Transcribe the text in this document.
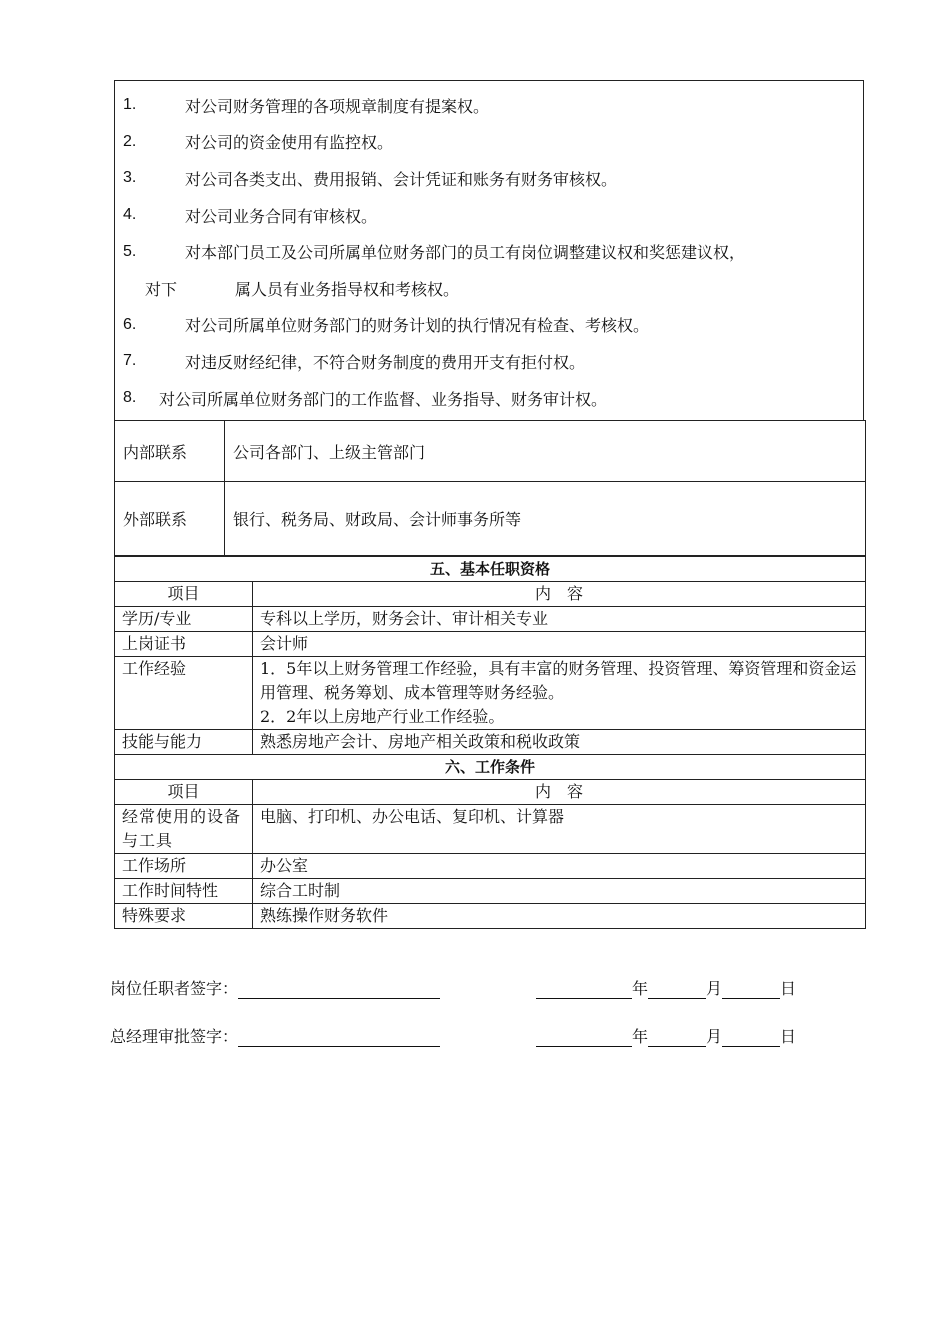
1.	对公司财务管理的各项规章制度有提案权。
2.	对公司的资金使用有监控权。
3.	对公司各类支出、费用报销、会计凭证和账务有财务审核权。
4.	对公司业务合同有审核权。
5.	对本部门员工及公司所属单位财务部门的员工有岗位调整建议权和奖惩建议权，
对下	属人员有业务指导权和考核权。
6.	对公司所属单位财务部门的财务计划的执行情况有检查、考核权。
7.	对违反财经纪律，不符合财务制度的费用开支有拒付权。
8.	对公司所属单位财务部门的工作监督、业务指导、财务审计权。
内部联系	公司各部门、上级主管部门
外部联系	银行、税务局、财政局、会计师事务所等
五、基本任职资格	
项目	内　容
学历/专业	专科以上学历，财务会计、审计相关专业
上岗证书	会计师
工作经验	1．5年以上财务管理工作经验，具有丰富的财务管理、投资管理、筹资管理和资金运用管理、税务筹划、成本管理等财务经验。
2．2年以上房地产行业工作经验。

技能与能力	熟悉房地产会计、房地产相关政策和税收政策
六、工作条件	
项目	内　容
经常使用的设备与工具	电脑、打印机、办公电话、复印机、计算器
工作场所	办公室
工作时间特性	综合工时制
特殊要求	熟练操作财务软件
岗位任职者签字：	年	月	日
总经理审批签字：	年	月	日
